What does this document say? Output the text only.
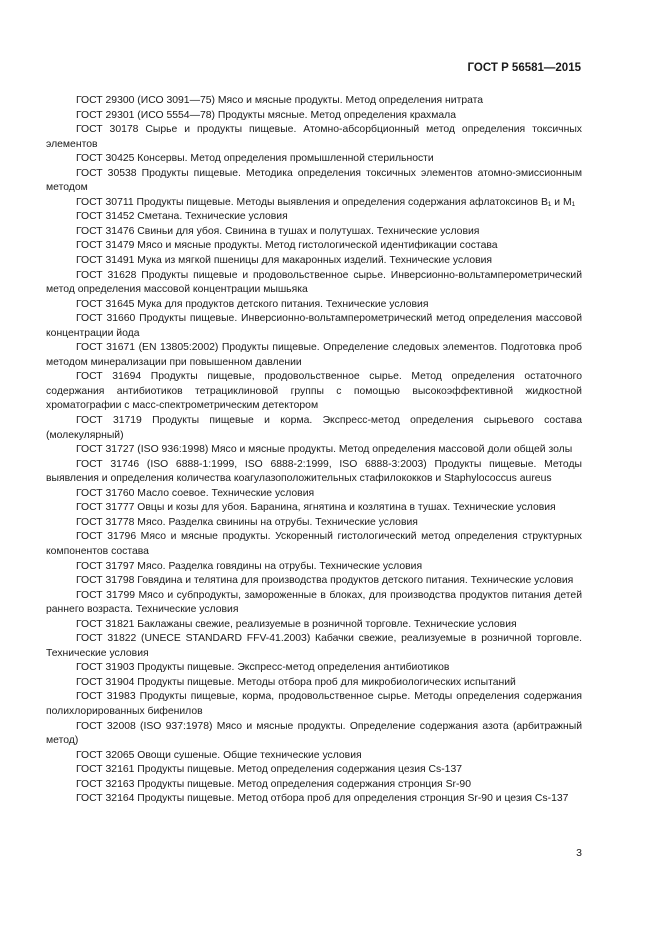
ГОСТ Р 56581—2015

ГОСТ 29300 (ИСО 3091—75) Мясо и мясные продукты. Метод определения нитрата

ГОСТ 29301 (ИСО 5554—78) Продукты мясные. Метод определения крахмала

ГОСТ 30178 Сырье и продукты пищевые. Атомно-абсорбционный метод определения токсичных элементов

ГОСТ 30425 Консервы. Метод определения промышленной стерильности

ГОСТ 30538 Продукты пищевые. Методика определения токсичных элементов атомно-эмиссионным методом

ГОСТ 30711 Продукты пищевые. Методы выявления и определения содержания афлатоксинов B₁ и M₁

ГОСТ 31452 Сметана. Технические условия

ГОСТ 31476 Свиньи для убоя. Свинина в тушах и полутушах. Технические условия

ГОСТ 31479 Мясо и мясные продукты. Метод гистологической идентификации состава

ГОСТ 31491 Мука из мягкой пшеницы для макаронных изделий. Технические условия

ГОСТ 31628 Продукты пищевые и продовольственное сырье. Инверсионно-вольтамперометрический метод определения массовой концентрации мышьяка

ГОСТ 31645 Мука для продуктов детского питания. Технические условия

ГОСТ 31660 Продукты пищевые. Инверсионно-вольтамперометрический метод определения массовой концентрации йода

ГОСТ 31671 (EN 13805:2002) Продукты пищевые. Определение следовых элементов. Подготовка проб методом минерализации при повышенном давлении

ГОСТ 31694 Продукты пищевые, продовольственное сырье. Метод определения остаточного содержания антибиотиков тетрациклиновой группы с помощью высокоэффективной жидкостной хроматографии с масс-спектрометрическим детектором

ГОСТ 31719 Продукты пищевые и корма. Экспресс-метод определения сырьевого состава (молекулярный)

ГОСТ 31727 (ISO 936:1998) Мясо и мясные продукты. Метод определения массовой доли общей золы

ГОСТ 31746 (ISO 6888-1:1999, ISO 6888-2:1999, ISO 6888-3:2003) Продукты пищевые. Методы выявления и определения количества коагулазоположительных стафилококков и Staphylococcus aureus

ГОСТ 31760 Масло соевое. Технические условия

ГОСТ 31777 Овцы и козы для убоя. Баранина, ягнятина и козлятина в тушах. Технические условия

ГОСТ 31778 Мясо. Разделка свинины на отрубы. Технические условия

ГОСТ 31796 Мясо и мясные продукты. Ускоренный гистологический метод определения структурных компонентов состава

ГОСТ 31797 Мясо. Разделка говядины на отрубы. Технические условия

ГОСТ 31798 Говядина и телятина для производства продуктов детского питания. Технические условия

ГОСТ 31799 Мясо и субпродукты, замороженные в блоках, для производства продуктов питания детей раннего возраста. Технические условия

ГОСТ 31821 Баклажаны свежие, реализуемые в розничной торговле. Технические условия

ГОСТ 31822 (UNECE STANDARD FFV-41.2003) Кабачки свежие, реализуемые в розничной торговле. Технические условия

ГОСТ 31903 Продукты пищевые. Экспресс-метод определения антибиотиков

ГОСТ 31904 Продукты пищевые. Методы отбора проб для микробиологических испытаний

ГОСТ 31983 Продукты пищевые, корма, продовольственное сырье. Методы определения содержания полихлорированных бифенилов

ГОСТ 32008 (ISO 937:1978) Мясо и мясные продукты. Определение содержания азота (арбитражный метод)

ГОСТ 32065 Овощи сушеные. Общие технические условия

ГОСТ 32161 Продукты пищевые. Метод определения содержания цезия Cs-137

ГОСТ 32163 Продукты пищевые. Метод определения содержания стронция Sr-90

ГОСТ 32164 Продукты пищевые. Метод отбора проб для определения стронция Sr-90 и цезия Cs-137

3
